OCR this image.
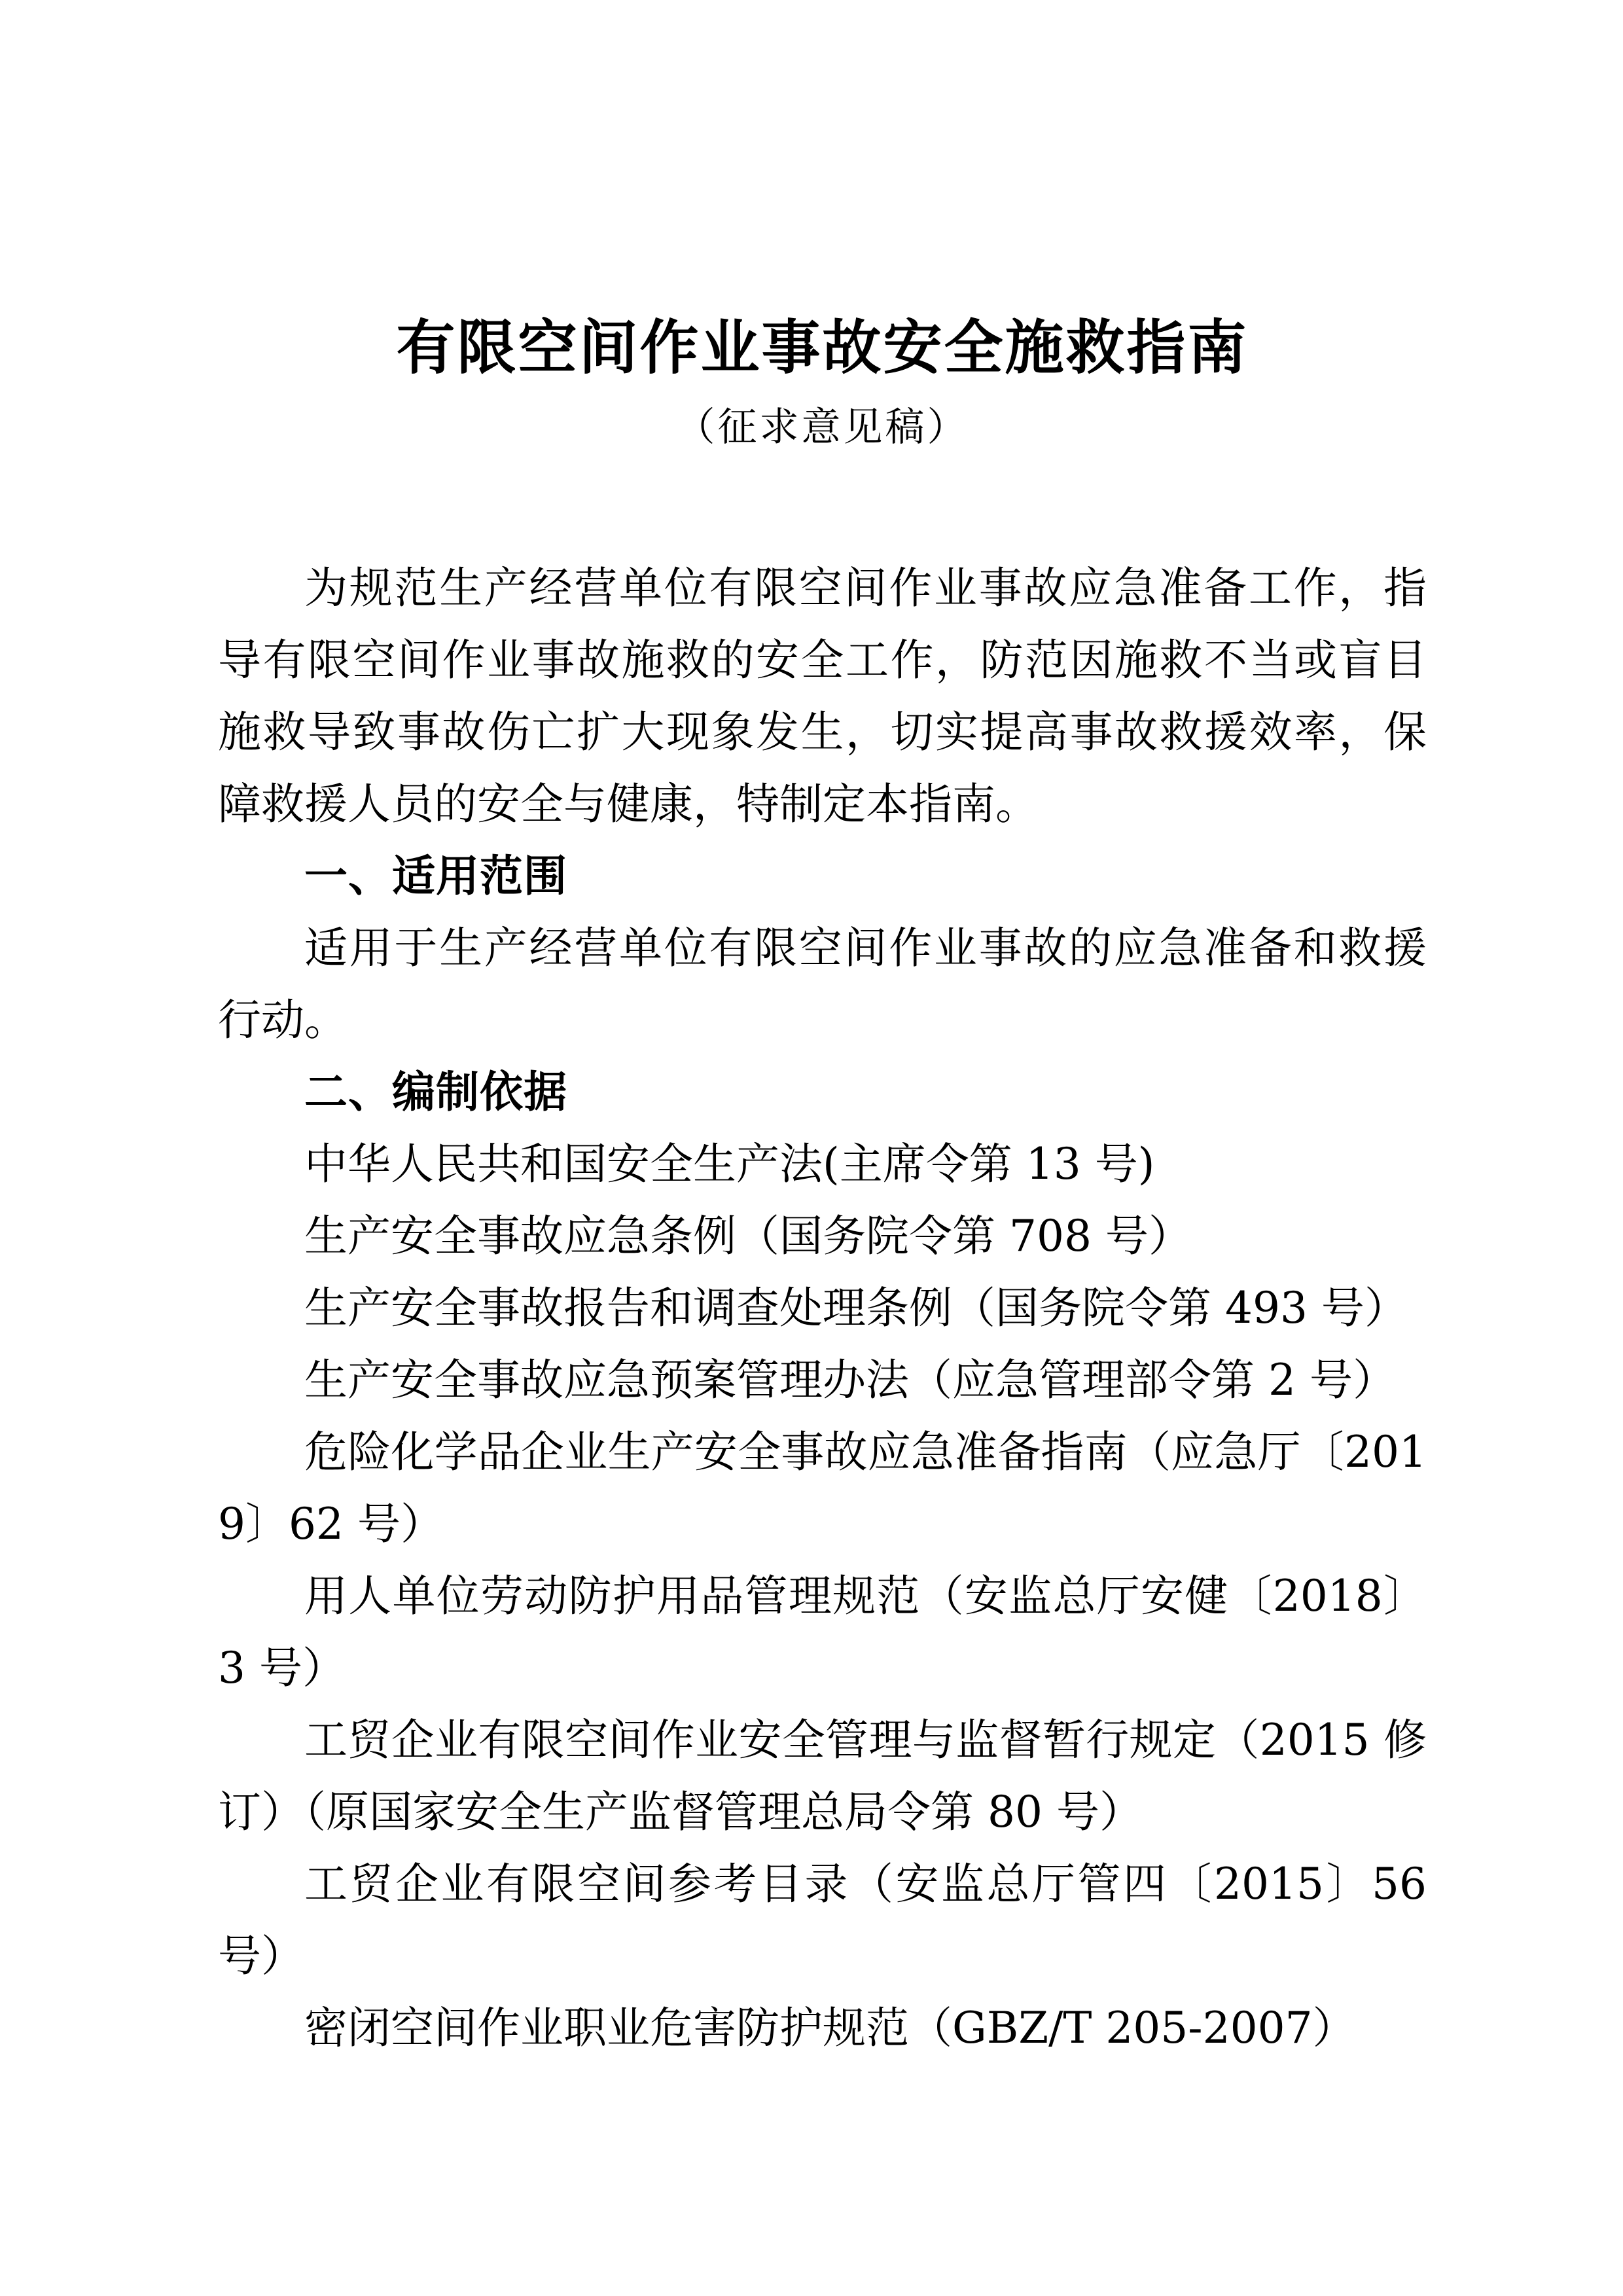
有限空间作业事故安全施救指南
（征求意见稿）

为规范生产经营单位有限空间作业事故应急准备工作，指导有限空间作业事故施救的安全工作，防范因施救不当或盲目施救导致事故伤亡扩大现象发生，切实提高事故救援效率，保障救援人员的安全与健康，特制定本指南。

一、适用范围

适用于生产经营单位有限空间作业事故的应急准备和救援行动。

二、编制依据

中华人民共和国安全生产法(主席令第 13 号)

生产安全事故应急条例（国务院令第 708 号）

生产安全事故报告和调查处理条例（国务院令第 493 号）

生产安全事故应急预案管理办法（应急管理部令第 2 号）

危险化学品企业生产安全事故应急准备指南（应急厅〔2019〕62 号）

用人单位劳动防护用品管理规范（安监总厅安健〔2018〕3 号）

工贸企业有限空间作业安全管理与监督暂行规定（2015 修订）（原国家安全生产监督管理总局令第 80 号）

工贸企业有限空间参考目录（安监总厅管四〔2015〕56 号）

密闭空间作业职业危害防护规范（GBZ/T 205-2007）
